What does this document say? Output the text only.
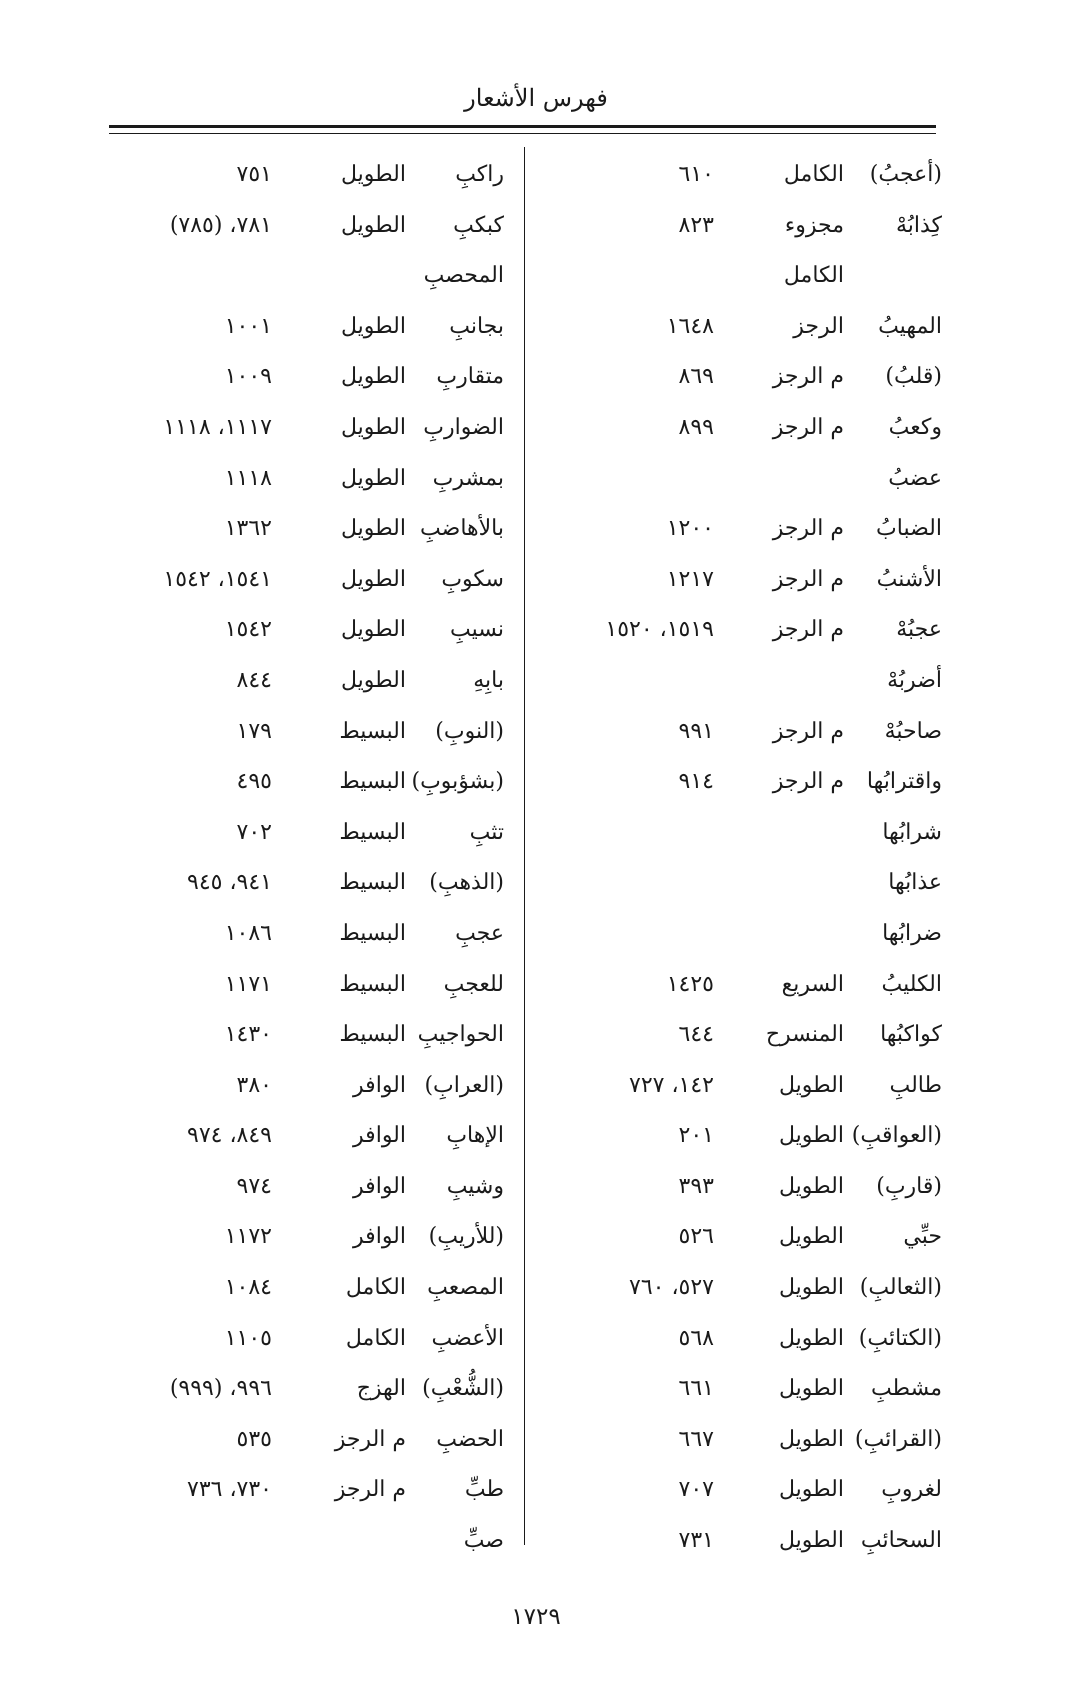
فهرس الأشعار
(أعجبُ)
الكامل
٦١٠
كِذابُهْ
مجزوء
٨٢٣
الكامل
المهيبُ
الرجز
١٦٤٨
(قلبُ)
م الرجز
٨٦٩
وكعبُ
م الرجز
٨٩٩
عضبُ
الضبابُ
م الرجز
١٢٠٠
الأشنبُ
م الرجز
١٢١٧
عجبُهْ
م الرجز
١٥١٩، ١٥٢٠
أضربُهْ
صاحبُهْ
م الرجز
٩٩١
واقترابُها
م الرجز
٩١٤
شرابُها
عذابُها
ضرابُها
الكليبُ
السريع
١٤٢٥
كواكبُها
المنسرح
٦٤٤
طالبِ
الطويل
١٤٢، ٧٢٧
(العواقبِ)
الطويل
٢٠١
(قاربِ)
الطويل
٣٩٣
حبِّي
الطويل
٥٢٦
(الثعالبِ)
الطويل
٥٢٧، ٧٦٠
(الكتائبِ)
الطويل
٥٦٨
مشطبِ
الطويل
٦٦١
(القرائبِ)
الطويل
٦٦٧
لغروبِ
الطويل
٧٠٧
السحائبِ
الطويل
٧٣١
راكبِ
الطويل
٧٥١
كبكبِ
الطويل
٧٨١، (٧٨٥)
المحصبِ
بجانبِ
الطويل
١٠٠١
متقاربِ
الطويل
١٠٠٩
الضواربِ
الطويل
١١١٧، ١١١٨
بمشربِ
الطويل
١١١٨
بالأهاضبِ
الطويل
١٣٦٢
سكوبِ
الطويل
١٥٤١، ١٥٤٢
نسيبِ
الطويل
١٥٤٢
بابِهِ
الطويل
٨٤٤
(النوبِ)
البسيط
١٧٩
(بشؤبوبِ)
البسيط
٤٩٥
تثبِ
البسيط
٧٠٢
(الذهبِ)
البسيط
٩٤١، ٩٤٥
عجبِ
البسيط
١٠٨٦
للعجبِ
البسيط
١١٧١
الحواجيبِ
البسيط
١٤٣٠
(العرابِ)
الوافر
٣٨٠
الإهابِ
الوافر
٨٤٩، ٩٧٤
وشيبِ
الوافر
٩٧٤
(للأريبِ)
الوافر
١١٧٢
المصعبِ
الكامل
١٠٨٤
الأعضبِ
الكامل
١١٠٥
(الشُّعْبِ)
الهزج
٩٩٦، (٩٩٩)
الحضبِ
م الرجز
٥٣٥
طبِّ
م الرجز
٧٣٠، ٧٣٦
صبِّ
١٧٢٩
